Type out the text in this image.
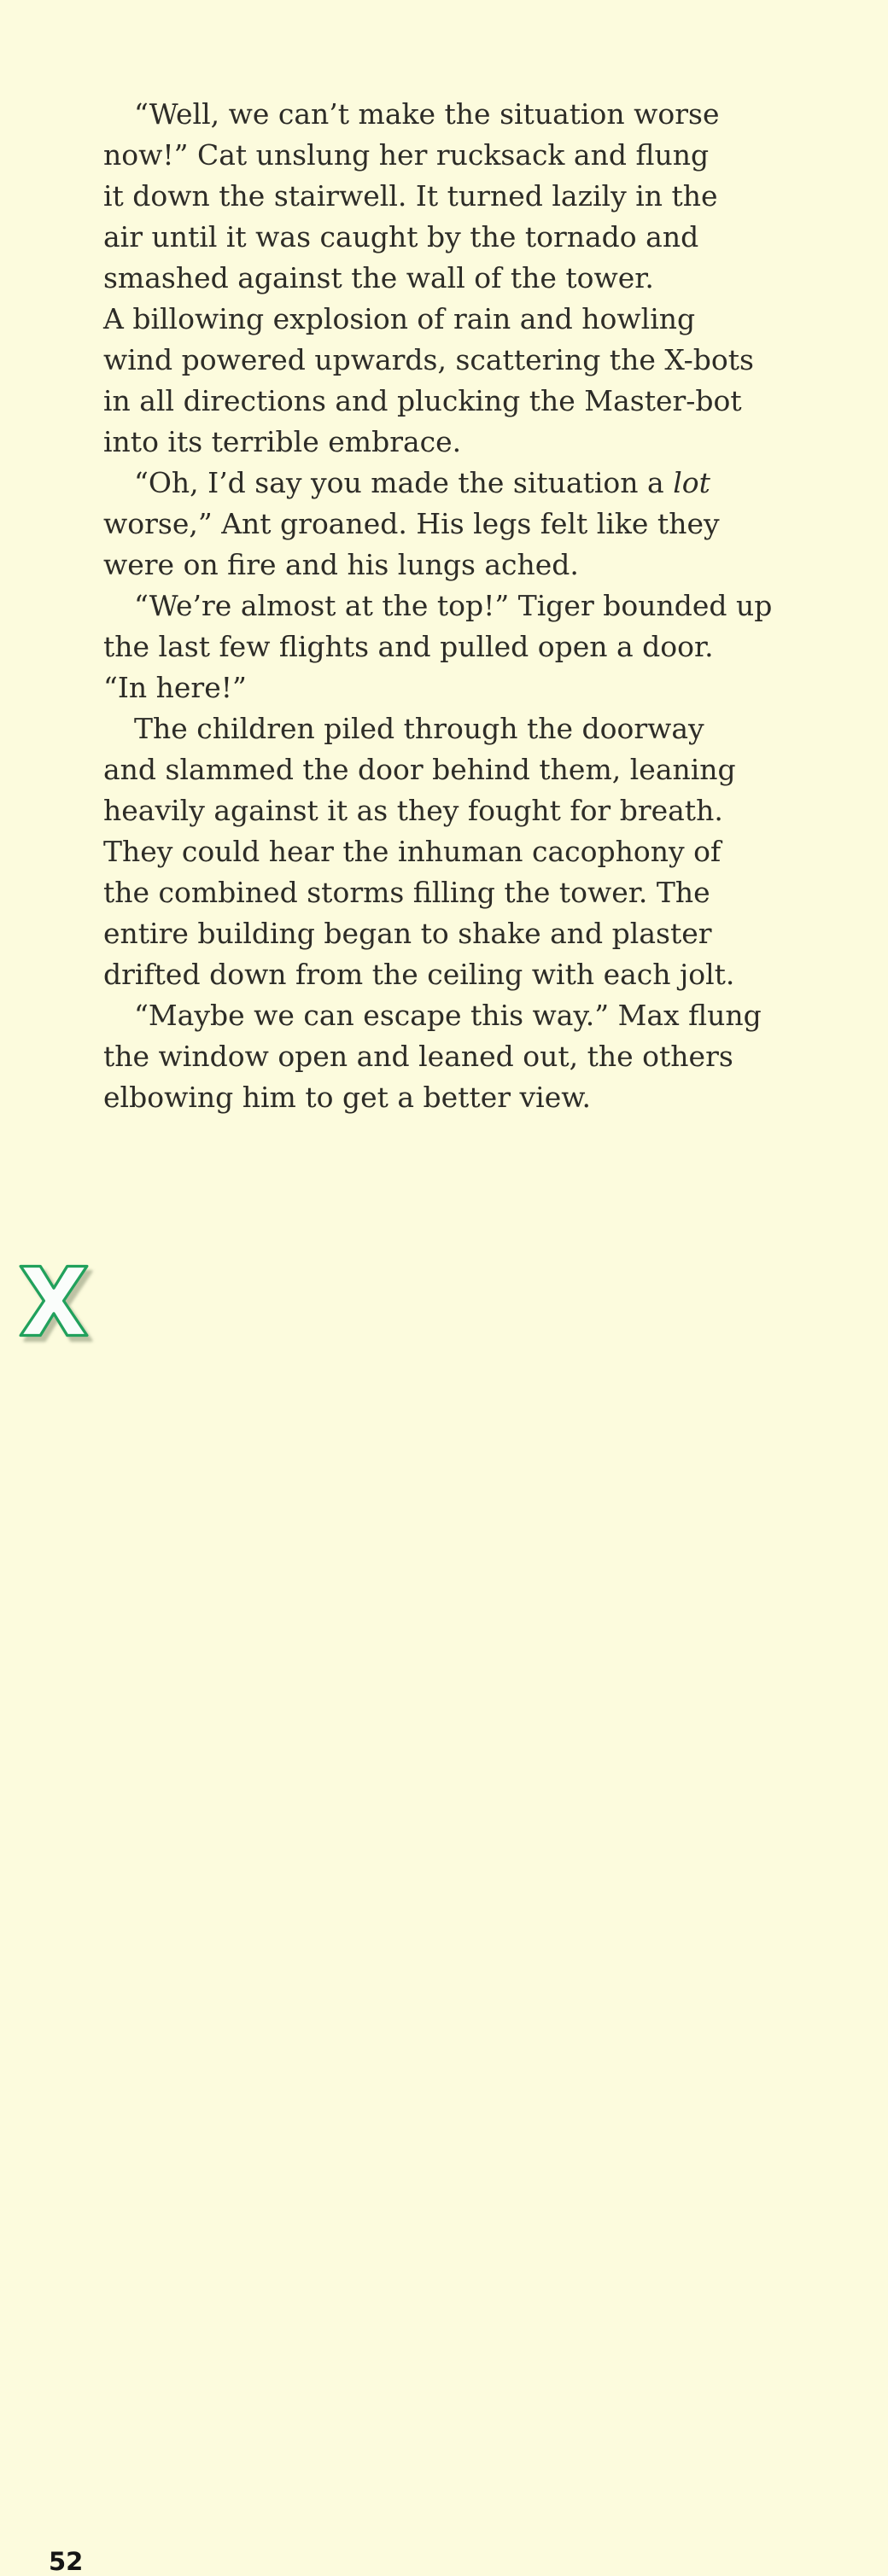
“Well, we can’t make the situation worse
now!” Cat unslung her rucksack and flung
it down the stairwell. It turned lazily in the
air until it was caught by the tornado and
smashed against the wall of the tower.
A billowing explosion of rain and howling
wind powered upwards, scattering the X-bots
in all directions and plucking the Master-bot
into its terrible embrace.
“Oh, I’d say you made the situation a lot
worse,” Ant groaned. His legs felt like they
were on fire and his lungs ached.
“We’re almost at the top!” Tiger bounded up
the last few flights and pulled open a door.
“In here!”
The children piled through the doorway
and slammed the door behind them, leaning
heavily against it as they fought for breath.
They could hear the inhuman cacophony of
the combined storms filling the tower. The
entire building began to shake and plaster
drifted down from the ceiling with each jolt.
“Maybe we can escape this way.” Max flung
the window open and leaned out, the others
elbowing him to get a better view.
52
